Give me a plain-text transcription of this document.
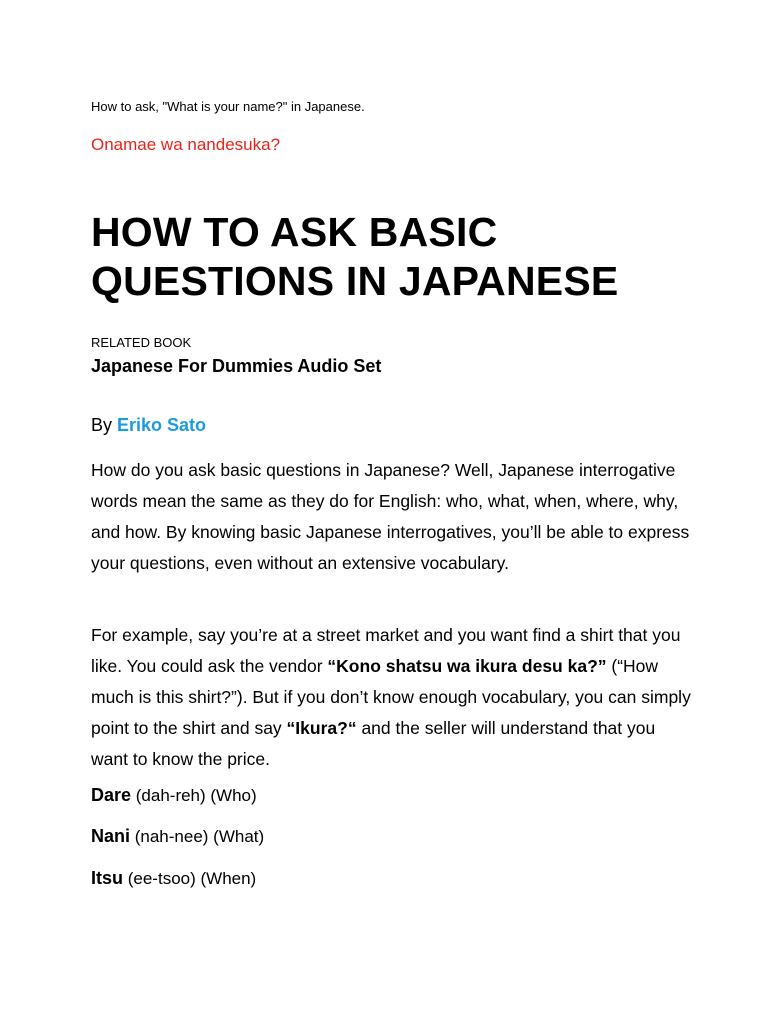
How to ask, "What is your name?" in Japanese.

Onamae wa nandesuka?

HOW TO ASK BASIC QUESTIONS IN JAPANESE

RELATED BOOK

Japanese For Dummies Audio Set

By Eriko Sato

How do you ask basic questions in Japanese? Well, Japanese interrogative words mean the same as they do for English: who, what, when, where, why, and how. By knowing basic Japanese interrogatives, you’ll be able to express your questions, even without an extensive vocabulary.

For example, say you’re at a street market and you want find a shirt that you like. You could ask the vendor “Kono shatsu wa ikura desu ka?” (“How much is this shirt?”). But if you don’t know enough vocabulary, you can simply point to the shirt and say “Ikura?“ and the seller will understand that you want to know the price.

Dare (dah-reh) (Who)

Nani (nah-nee) (What)

Itsu (ee-tsoo) (When)
